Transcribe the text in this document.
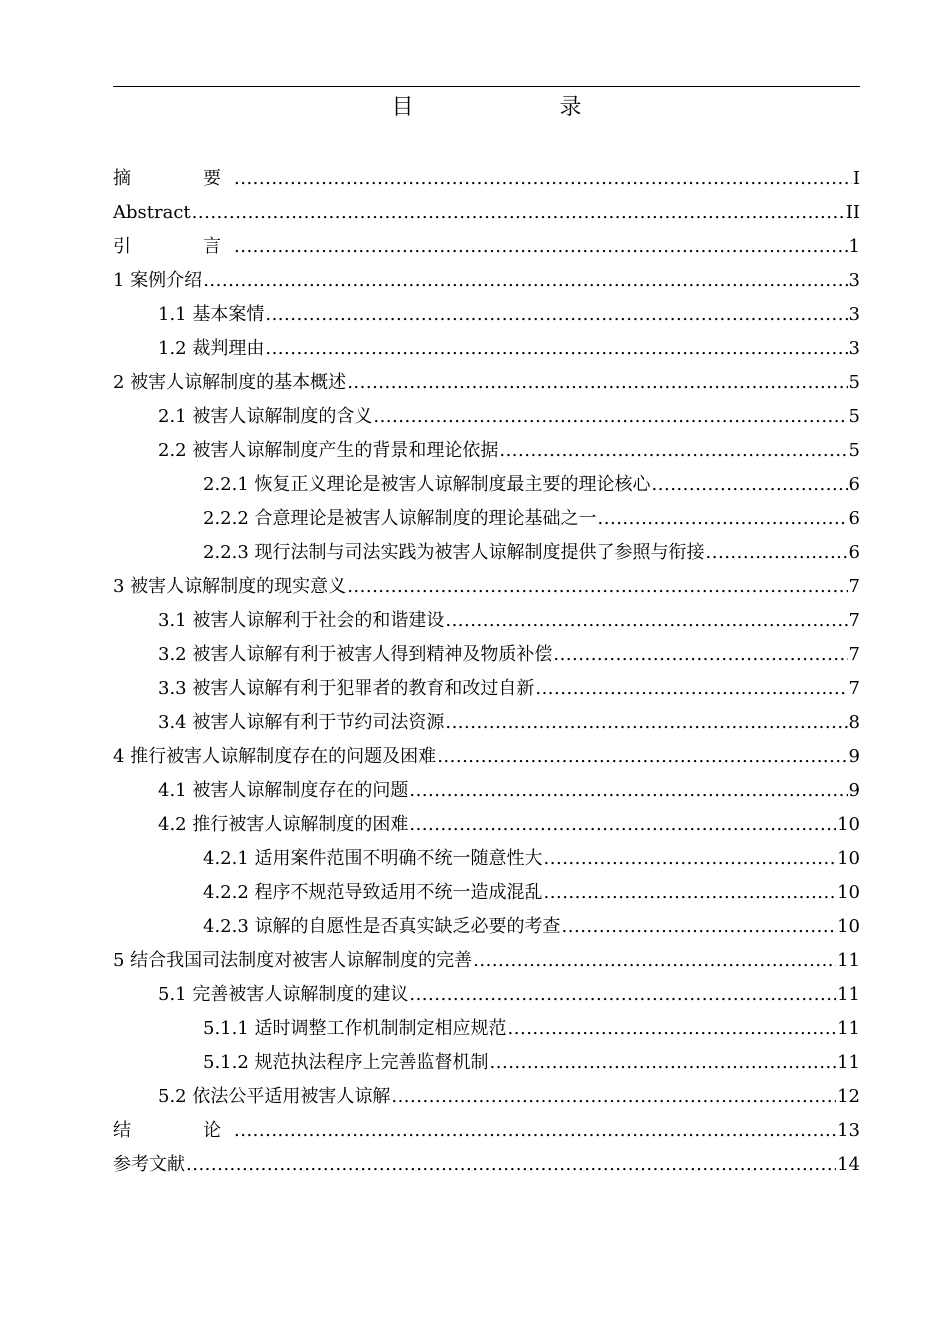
目　　录
摘　　要 .....	I
Abstract .....	II
引　　言 .....	1
1 案例介绍 .....	3
1.1 基本案情 .....	3
1.2 裁判理由 .....	3
2 被害人谅解制度的基本概述 .....	5
2.1 被害人谅解制度的含义 .....	5
2.2 被害人谅解制度产生的背景和理论依据 .....	5
2.2.1 恢复正义理论是被害人谅解制度最主要的理论核心 .....	6
2.2.2 合意理论是被害人谅解制度的理论基础之一 .....	6
2.2.3 现行法制与司法实践为被害人谅解制度提供了参照与衔接 .....	6
3 被害人谅解制度的现实意义 .....	7
3.1 被害人谅解利于社会的和谐建设 .....	7
3.2 被害人谅解有利于被害人得到精神及物质补偿 .....	7
3.3 被害人谅解有利于犯罪者的教育和改过自新 .....	7
3.4 被害人谅解有利于节约司法资源 .....	8
4 推行被害人谅解制度存在的问题及困难 .....	9
4.1 被害人谅解制度存在的问题 .....	9
4.2 推行被害人谅解制度的困难 .....	10
4.2.1 适用案件范围不明确不统一随意性大 .....	10
4.2.2 程序不规范导致适用不统一造成混乱 .....	10
4.2.3 谅解的自愿性是否真实缺乏必要的考查 .....	10
5 结合我国司法制度对被害人谅解制度的完善 .....	11
5.1 完善被害人谅解制度的建议 .....	11
5.1.1 适时调整工作机制制定相应规范 .....	11
5.1.2 规范执法程序上完善监督机制 .....	11
5.2 依法公平适用被害人谅解 .....	12
结　　论 .....	13
参考文献 .....	14
